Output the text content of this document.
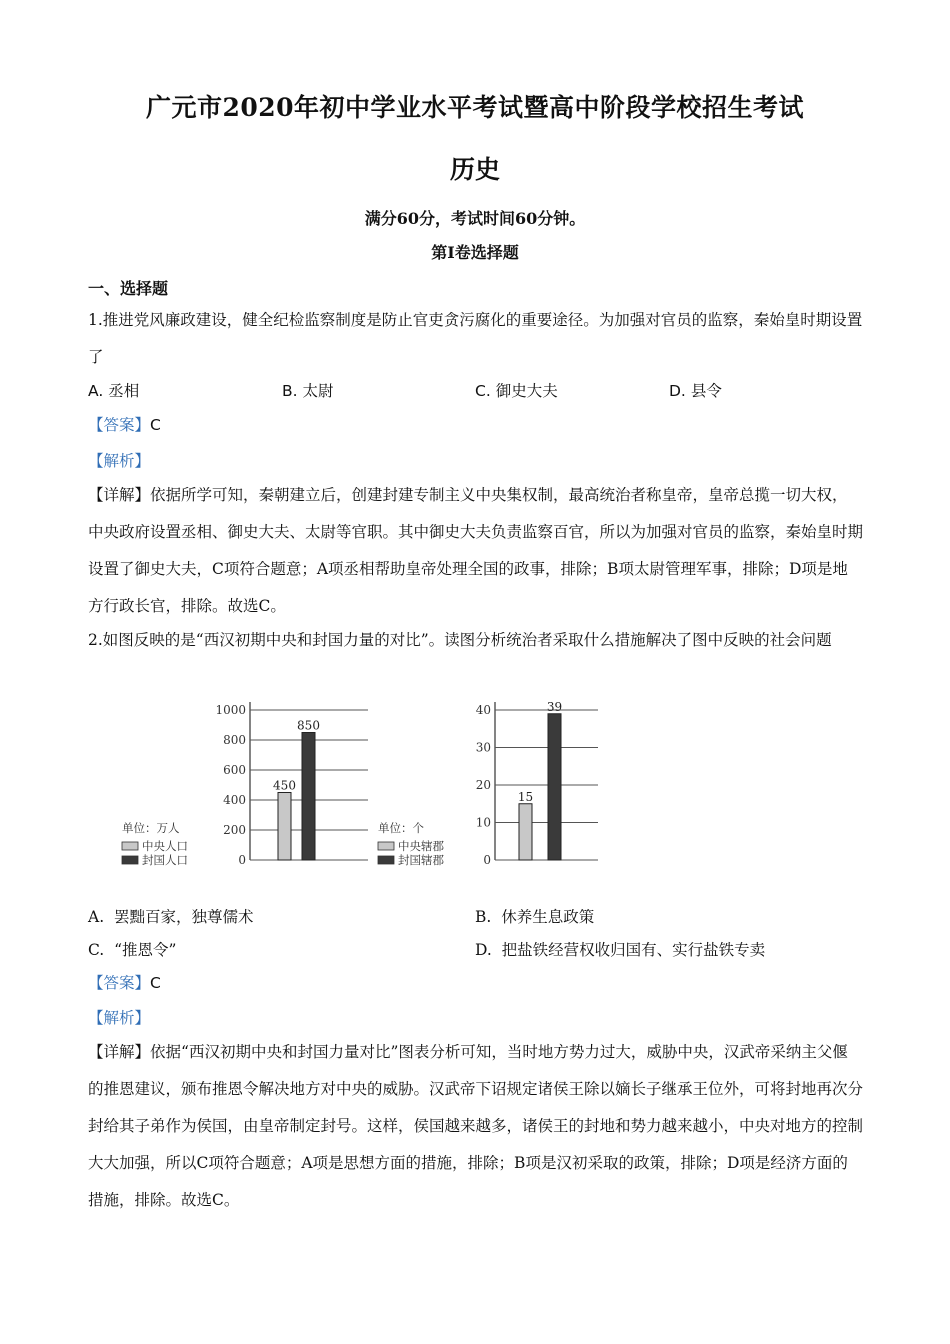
广元市2020年初中学业水平考试暨高中阶段学校招生考试
历史
满分60分，考试时间60分钟。
第Ⅰ卷选择题
一、选择题
1.推进党风廉政建设，健全纪检监察制度是防止官吏贪污腐化的重要途径。为加强对官员的监察，秦始皇时期设置了
A. 丞相	B. 太尉	C. 御史大夫	D. 县令
【答案】C
【解析】
【详解】依据所学可知，秦朝建立后，创建封建专制主义中央集权制，最高统治者称皇帝，皇帝总揽一切大权，中央政府设置丞相、御史大夫、太尉等官职。其中御史大夫负责监察百官，所以为加强对官员的监察，秦始皇时期设置了御史大夫，C项符合题意；A项丞相帮助皇帝处理全国的政事，排除；B项太尉管理军事，排除；D项是地方行政长官，排除。故选C。
2.如图反映的是“西汉初期中央和封国力量的对比”。读图分析统治者采取什么措施解决了图中反映的社会问题
0
200
400
600
800
1000
450
850
单位：万人
中央人口
封国人口	0
10
20
30
40
15
39
单位：个
中央辖郡
封国辖郡
A. 罢黜百家，独尊儒术	B. 休养生息政策
C. “推恩令”	D. 把盐铁经营权收归国有、实行盐铁专卖
【答案】C
【解析】
【详解】依据“西汉初期中央和封国力量对比”图表分析可知，当时地方势力过大，威胁中央，汉武帝采纳主父偃的推恩建议，颁布推恩令解决地方对中央的威胁。汉武帝下诏规定诸侯王除以嫡长子继承王位外，可将封地再次分封给其子弟作为侯国，由皇帝制定封号。这样，侯国越来越多，诸侯王的封地和势力越来越小，中央对地方的控制大大加强，所以C项符合题意；A项是思想方面的措施，排除；B项是汉初采取的政策，排除；D项是经济方面的措施，排除。故选C。
